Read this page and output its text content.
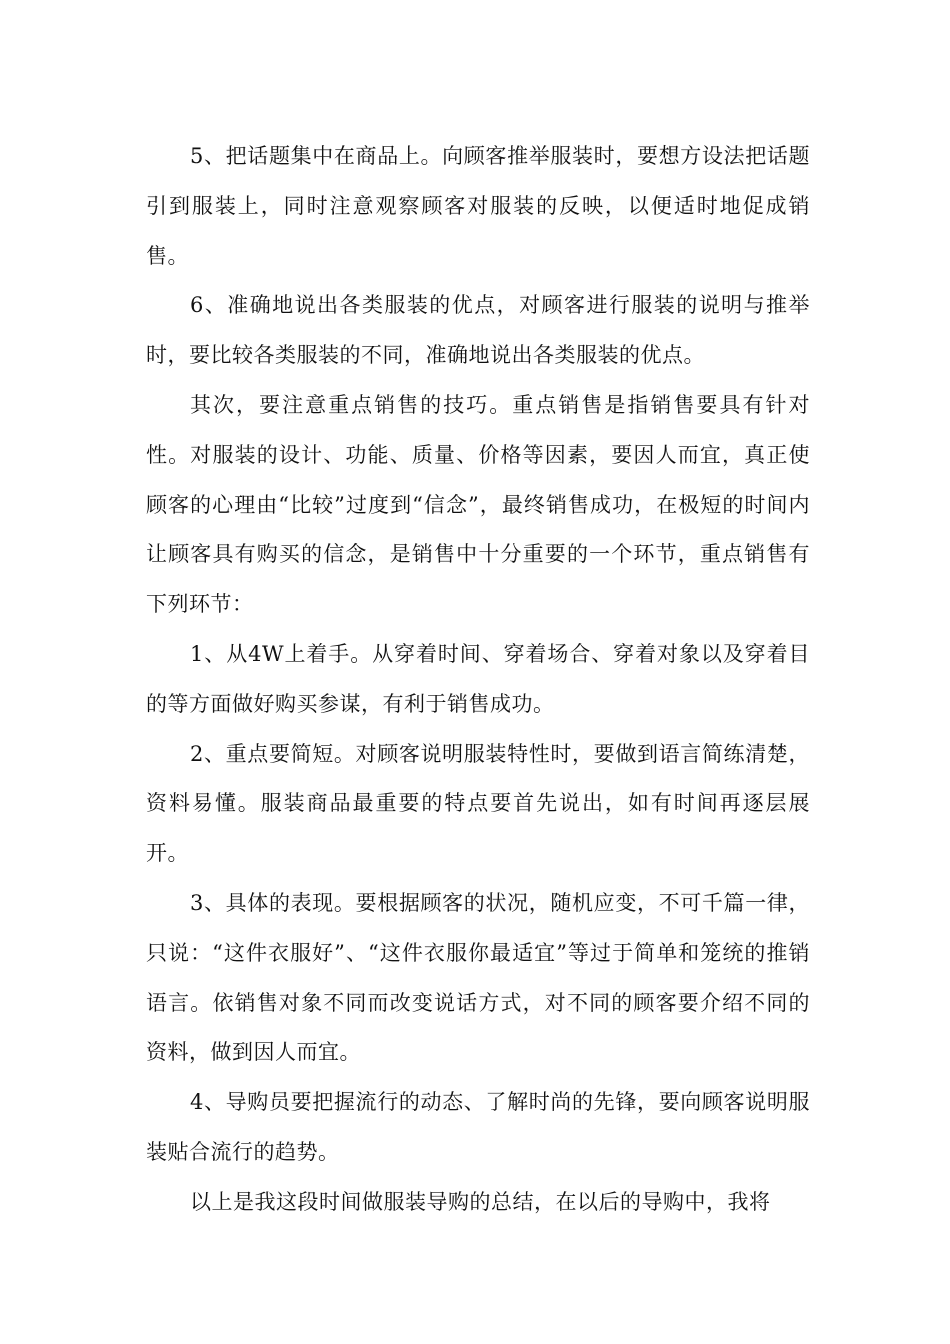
5、把话题集中在商品上。向顾客推举服装时，要想方设法把话题引到服装上，同时注意观察顾客对服装的反映，以便适时地促成销售。

6、准确地说出各类服装的优点，对顾客进行服装的说明与推举时，要比较各类服装的不同，准确地说出各类服装的优点。

其次，要注意重点销售的技巧。重点销售是指销售要具有针对性。对服装的设计、功能、质量、价格等因素，要因人而宜，真正使顾客的心理由“比较”过度到“信念”，最终销售成功，在极短的时间内让顾客具有购买的信念，是销售中十分重要的一个环节，重点销售有下列环节：

1、从4W上着手。从穿着时间、穿着场合、穿着对象以及穿着目的等方面做好购买参谋，有利于销售成功。

2、重点要简短。对顾客说明服装特性时，要做到语言简练清楚，资料易懂。服装商品最重要的特点要首先说出，如有时间再逐层展开。

3、具体的表现。要根据顾客的状况，随机应变，不可千篇一律，只说：“这件衣服好”、“这件衣服你最适宜”等过于简单和笼统的推销语言。依销售对象不同而改变说话方式，对不同的顾客要介绍不同的资料，做到因人而宜。

4、导购员要把握流行的动态、了解时尚的先锋，要向顾客说明服装贴合流行的趋势。

以上是我这段时间做服装导购的总结，在以后的导购中，我将
